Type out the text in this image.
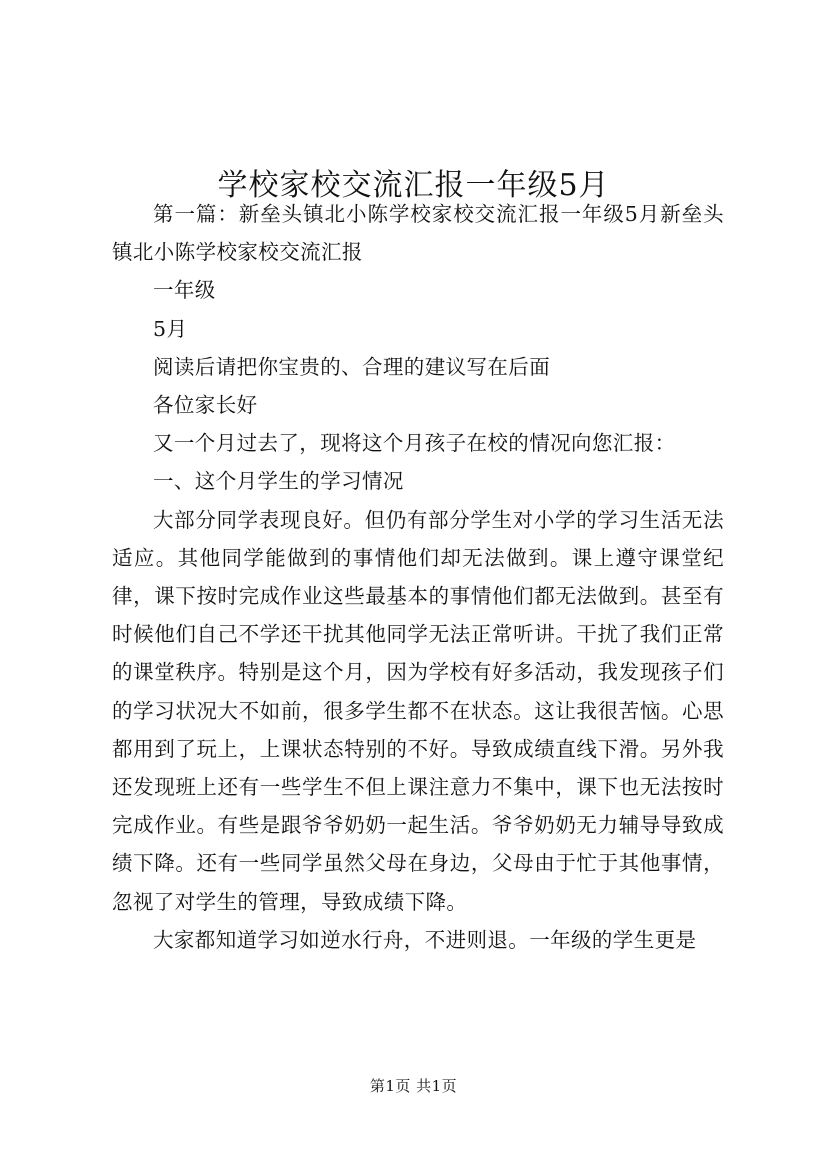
学校家校交流汇报一年级5月

第一篇：新垒头镇北小陈学校家校交流汇报一年级5月新垒头镇北小陈学校家校交流汇报

一年级

5月

阅读后请把你宝贵的、合理的建议写在后面

各位家长好

又一个月过去了，现将这个月孩子在校的情况向您汇报：

一、这个月学生的学习情况

大部分同学表现良好。但仍有部分学生对小学的学习生活无法适应。其他同学能做到的事情他们却无法做到。课上遵守课堂纪律，课下按时完成作业这些最基本的事情他们都无法做到。甚至有时候他们自己不学还干扰其他同学无法正常听讲。干扰了我们正常的课堂秩序。特别是这个月，因为学校有好多活动，我发现孩子们的学习状况大不如前，很多学生都不在状态。这让我很苦恼。心思都用到了玩上，上课状态特别的不好。导致成绩直线下滑。另外我还发现班上还有一些学生不但上课注意力不集中，课下也无法按时完成作业。有些是跟爷爷奶奶一起生活。爷爷奶奶无力辅导导致成绩下降。还有一些同学虽然父母在身边，父母由于忙于其他事情，忽视了对学生的管理，导致成绩下降。

大家都知道学习如逆水行舟，不进则退。一年级的学生更是

第1页 共1页
